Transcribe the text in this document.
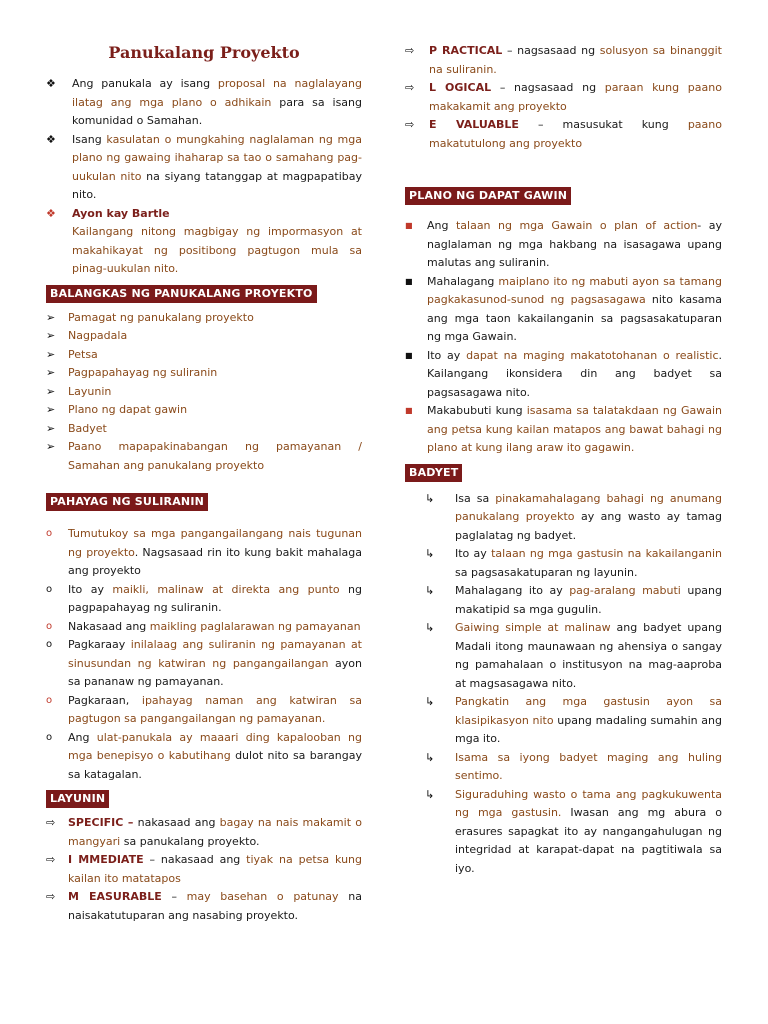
Panukalang Proyekto
❖	Ang panukala ay isang proposal na naglalayang ilatag ang mga plano o adhikain para sa isang komunidad o Samahan.
❖	Isang kasulatan o mungkahing naglalaman ng mga plano ng gawaing ihaharap sa tao o samahang pag-uukulan nito na siyang tatanggap at magpapatibay nito.
❖	Ayon kay Bartle
Kailangang nitong magbigay ng impormasyon at makahikayat ng positibong pagtugon mula sa pinag-uukulan nito.
BALANGKAS NG PANUKALANG PROYEKTO
➢	Pamagat ng panukalang proyekto
➢	Nagpadala
➢	Petsa
➢	Pagpapahayag ng suliranin
➢	Layunin
➢	Plano ng dapat gawin
➢	Badyet
➢	Paano mapapakinabangan ng pamayanan / Samahan ang panukalang proyekto
PAHAYAG NG SULIRANIN
o	Tumutukoy sa mga pangangailangang nais tugunan ng proyekto. Nagsasaad rin ito kung bakit mahalaga ang proyekto
o	Ito ay maikli, malinaw at direkta ang punto ng pagpapahayag ng suliranin.
o	Nakasaad ang maikling paglalarawan ng pamayanan
o	Pagkaraay inilalaag ang suliranin ng pamayanan at sinusundan ng katwiran ng pangangailangan ayon sa pananaw ng pamayanan.
o	Pagkaraan, ipahayag naman ang katwiran sa pagtugon sa pangangailangan ng pamayanan.
o	Ang ulat-panukala ay maaari ding kapalooban ng mga benepisyo o kabutihang dulot nito sa barangay sa katagalan.
LAYUNIN
⇨	SPECIFIC – nakasaad ang bagay na nais makamit o mangyari sa panukalang proyekto.
⇨	I MMEDIATE – nakasaad ang tiyak na petsa kung kailan ito matatapos
⇨	M EASURABLE – may basehan o patunay na naisakatutuparan ang nasabing proyekto.
⇨	P RACTICAL – nagsasaad ng solusyon sa binanggit na suliranin.
⇨	L OGICAL – nagsasaad ng paraan kung paano makakamit ang proyekto
⇨	E VALUABLE – masusukat kung paano makatutulong ang proyekto
PLANO NG DAPAT GAWIN
■	Ang talaan ng mga Gawain o plan of action- ay naglalaman ng mga hakbang na isasagawa upang malutas ang suliranin.
■	Mahalagang maiplano ito ng mabuti ayon sa tamang pagkakasunod-sunod ng pagsasagawa nito kasama ang mga taon kakailanganin sa pagsasakatuparan ng mga Gawain.
■	Ito ay dapat na maging makatotohanan o realistic. Kailangang ikonsidera din ang badyet sa pagsasagawa nito.
■	Makabubuti kung isasama sa talatakdaan ng Gawain ang petsa kung kailan matapos ang bawat bahagi ng plano at kung ilang araw ito gagawin.
BADYET
↳	Isa sa pinakamahalagang bahagi ng anumang panukalang proyekto ay ang wasto ay tamag paglalatag ng badyet.
↳	Ito ay talaan ng mga gastusin na kakailanganin sa pagsasakatuparan ng layunin.
↳	Mahalagang ito ay pag-aralang mabuti upang makatipid sa mga gugulin.
↳	Gaiwing simple at malinaw ang badyet upang Madali itong maunawaan ng ahensiya o sangay ng pamahalaan o institusyon na mag-aaproba at magsasagawa nito.
↳	Pangkatin ang mga gastusin ayon sa klasipikasyon nito upang madaling sumahin ang mga ito.
↳	Isama sa iyong badyet maging ang huling sentimo.
↳	Siguraduhing wasto o tama ang pagkukuwenta ng mga gastusin. Iwasan ang mg abura o erasures sapagkat ito ay nangangahulugan ng integridad at karapat-dapat na pagtitiwala sa iyo.
